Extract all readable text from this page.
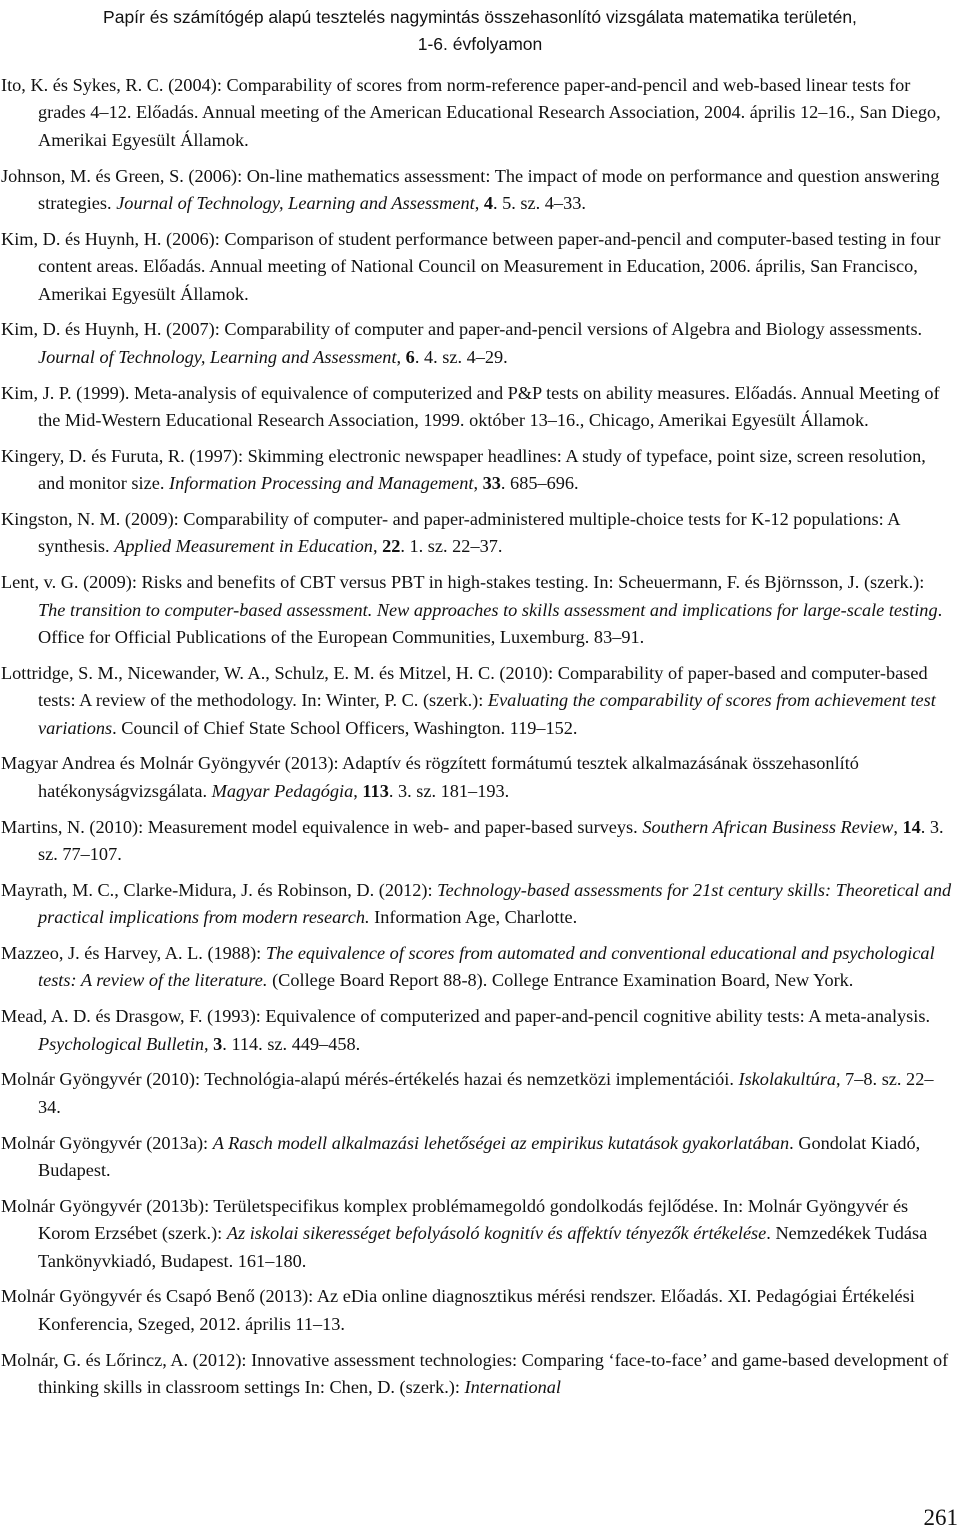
Papír és számítógép alapú tesztelés nagymintás összehasonlító vizsgálata matematika területén,
1-6. évfolyamon

Ito, K. és Sykes, R. C. (2004): Comparability of scores from norm-reference paper-and-pencil and web-based linear tests for grades 4–12. Előadás. Annual meeting of the American Educational Research Association, 2004. április 12–16., San Diego, Amerikai Egyesült Államok.

Johnson, M. és Green, S. (2006): On-line mathematics assessment: The impact of mode on performance and question answering strategies. Journal of Technology, Learning and Assessment, 4. 5. sz. 4–33.

Kim, D. és Huynh, H. (2006): Comparison of student performance between paper-and-pencil and computer-based testing in four content areas. Előadás. Annual meeting of National Council on Measurement in Education, 2006. április, San Francisco, Amerikai Egyesült Államok.

Kim, D. és Huynh, H. (2007): Comparability of computer and paper-and-pencil versions of Algebra and Biology assessments. Journal of Technology, Learning and Assessment, 6. 4. sz. 4–29.

Kim, J. P. (1999). Meta-analysis of equivalence of computerized and P&P tests on ability measures. Előadás. Annual Meeting of the Mid-Western Educational Research Association, 1999. október 13–16., Chicago, Amerikai Egyesült Államok.

Kingery, D. és Furuta, R. (1997): Skimming electronic newspaper headlines: A study of typeface, point size, screen resolution, and monitor size. Information Processing and Management, 33. 685–696.

Kingston, N. M. (2009): Comparability of computer- and paper-administered multiple-choice tests for K-12 populations: A synthesis. Applied Measurement in Education, 22. 1. sz. 22–37.

Lent, v. G. (2009): Risks and benefits of CBT versus PBT in high-stakes testing. In: Scheuermann, F. és Björnsson, J. (szerk.): The transition to computer-based assessment. New approaches to skills assessment and implications for large-scale testing. Office for Official Publications of the European Communities, Luxemburg. 83–91.

Lottridge, S. M., Nicewander, W. A., Schulz, E. M. és Mitzel, H. C. (2010): Comparability of paper-based and computer-based tests: A review of the methodology. In: Winter, P. C. (szerk.): Evaluating the comparability of scores from achievement test variations. Council of Chief State School Officers, Washington. 119–152.

Magyar Andrea és Molnár Gyöngyvér (2013): Adaptív és rögzített formátumú tesztek alkalmazásának összehasonlító hatékonyságvizsgálata. Magyar Pedagógia, 113. 3. sz. 181–193.

Martins, N. (2010): Measurement model equivalence in web- and paper-based surveys. Southern African Business Review, 14. 3. sz. 77–107.

Mayrath, M. C., Clarke-Midura, J. és Robinson, D. (2012): Technology-based assessments for 21st century skills: Theoretical and practical implications from modern research. Information Age, Charlotte.

Mazzeo, J. és Harvey, A. L. (1988): The equivalence of scores from automated and conventional educational and psychological tests: A review of the literature. (College Board Report 88-8). College Entrance Examination Board, New York.

Mead, A. D. és Drasgow, F. (1993): Equivalence of computerized and paper-and-pencil cognitive ability tests: A meta-analysis. Psychological Bulletin, 3. 114. sz. 449–458.

Molnár Gyöngyvér (2010): Technológia-alapú mérés-értékelés hazai és nemzetközi implementációi. Iskolakultúra, 7–8. sz. 22–34.

Molnár Gyöngyvér (2013a): A Rasch modell alkalmazási lehetőségei az empirikus kutatások gyakorlatában. Gondolat Kiadó, Budapest.

Molnár Gyöngyvér (2013b): Területspecifikus komplex problémamegoldó gondolkodás fejlődése. In: Molnár Gyöngyvér és Korom Erzsébet (szerk.): Az iskolai sikerességet befolyásoló kognitív és affektív tényezők értékelése. Nemzedékek Tudása Tankönyvkiadó, Budapest. 161–180.

Molnár Gyöngyvér és Csapó Benő (2013): Az eDia online diagnosztikus mérési rendszer. Előadás. XI. Pedagógiai Értékelési Konferencia, Szeged, 2012. április 11–13.

Molnár, G. és Lőrincz, A. (2012): Innovative assessment technologies: Comparing ‘face-to-face’ and game-based development of thinking skills in classroom settings In: Chen, D. (szerk.): International

261
